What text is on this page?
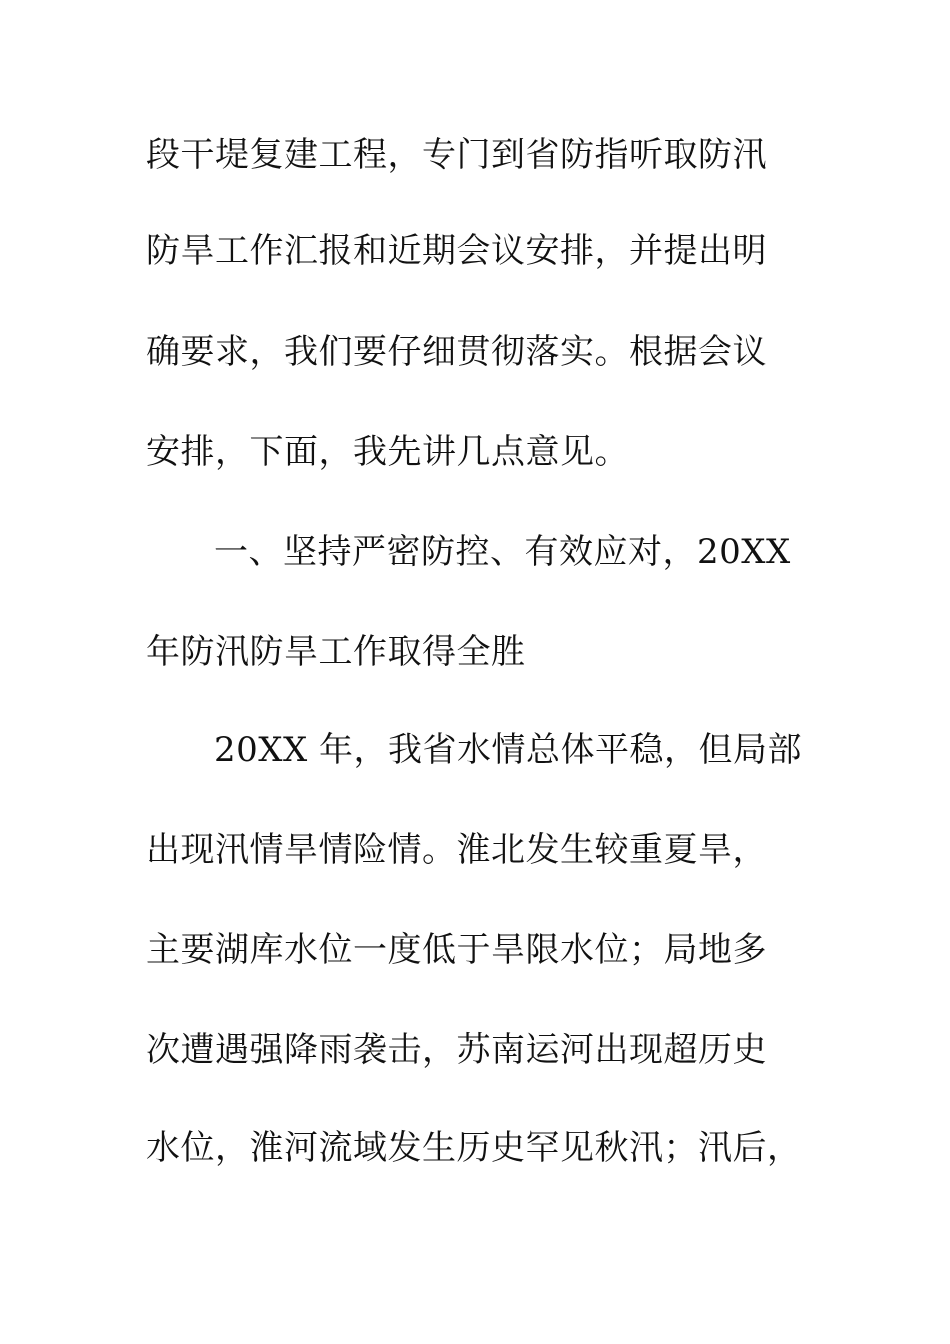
段干堤复建工程，专门到省防指听取防汛
防旱工作汇报和近期会议安排，并提出明
确要求，我们要仔细贯彻落实。根据会议
安排，下面，我先讲几点意见。
一、坚持严密防控、有效应对，20XX
年防汛防旱工作取得全胜
20XX 年，我省水情总体平稳，但局部
出现汛情旱情险情。淮北发生较重夏旱，
主要湖库水位一度低于旱限水位；局地多
次遭遇强降雨袭击，苏南运河出现超历史
水位，淮河流域发生历史罕见秋汛；汛后，
